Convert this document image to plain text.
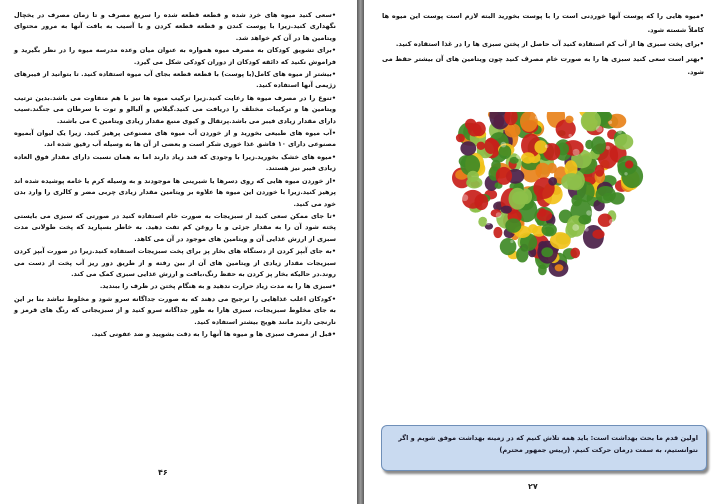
•سعی کنید میوه های خرد شده و قطعه قطعه شده را سریع مصرف و تا زمان مصرف در یخچال نگهداری کنید.زیرا با پوست کندن و قطعه قطعه کردن و با آسیب به بافت آنها به مرور محتوای ویتامین ها در آن کم خواهد شد.

•برای تشویق کودکان به مصرف میوه همواره به عنوان میان وعده مدرسه میوه را در نظر بگیرید و فراموش نکنید که ذائقه کودکان از دوران کودکی شکل می گیرد.

•بیشتر از میوه های کامل(با پوست) با قطعه قطعه بجای آب میوه استفاده کنید. تا بتوانید از فیبرهای زژیمی آنها استفاده کنید.

•تنوع را در مصرف میوه ها رعایت کنید.زیرا ترکیب میوه ها نیز با هم متفاوت می باشد.بدین ترتیب ویتامین ها و ترکیبات مختلف را دریافت می کنید.گیلاس و آلبالو و توت با سرطان می جنگند.سیب دارای مقدار زیادی فیبر می باشد.پرتقال و کیوی منبع مقدار زیادی ویتامین C می باشند.

•آب میوه های طبیعی بخورید و از خوردن آب میوه های مصنوعی پرهیز کنید. زیرا یک لیوان آبمیوه مصنوعی دارای ۱۰ قاشق غذا خوری شکر است و بعضی از آن ها به وسیله آب رقیق شده اند.

•میوه های خشک بخورید.زیرا با وجودی که قند زیاد دارند اما به همان نسبت دارای مقدار فوق العاده زیادی فیبر نیز هستند.

•از خوردن میوه هایی که روی دسرها یا شیرینی ها موجودند و به وسیله کرم یا خامه پوشیده شده اند پرهیز کنید.زیرا با خوردن این میوه ها علاوه بر ویتامین مقدار زیادی چربی مضر و کالری را وارد بدن خود می کنید.

•تا جای ممکن سعی کنید از سبزیجات به صورت خام استفاده کنید در صورتی که سبزی می بایستی پخته شود آن را به مقدار جزئی و با روغن کم تفت دهید. به خاطر بسپارید که پخت طولانی مدت سبزی از ارزش غذایی آن و ویتامین های موجود در آن می کاهد.

•به جای آبپز کردن از دستگاه های بخار پز برای پخت سبزیجات استفاده کنید.زیرا در صورت آبپز کردن سبزیجات مقدار زیادی از ویتامین های آن از بین رفته و از طریق دور ریز آب پخت از دست می روند.در حالیکه بخار پز کردن به حفظ رنگ،بافت و ارزش غذایی سبزی کمک می کند.

•سبزی ها را به مدت زیاد حرارت ندهید و به هنگام پختن در ظرف را ببندید.

•کودکان اغلب غذاهایی را ترجیح می دهند که به صورت جداگانه سرو شود و مخلوط نباشد بنا بر این به جای مخلوط سبزیجات، سبزی هارا به طور جداگانه سرو کنید و از سبزیجاتی که رنگ های قرمز و نارنجی دارند مانند هویج بیشتر استفاده کنید.

•قبل از مصرف سبزی ها و میوه ها آنها را به دقت بشویید و ضد عفونی کنید.

۴۶

•میوه هایی را که پوست آنها خوردنی است را با پوست بخورید البته لازم است پوست این میوه ها کاملاً شسته شود.

•برای پخت سبزی ها از آب کم استفاده کنید آب حاصل از پختن سبزی ها را در غذا استفاده کنید.

•بهتر است سعی کنید سبزی ها را به صورت خام مصرف کنید چون ویتامین های آن بیشتر حفظ می شود.

اولین قدم ما بحث بهداشت است: باید همه تلاش کنیم که در زمینه بهداشت موفق شویم و اگر نتوانستیم، به سمت درمان حرکت کنیم. (رییس جمهور محترم)
۲۷
